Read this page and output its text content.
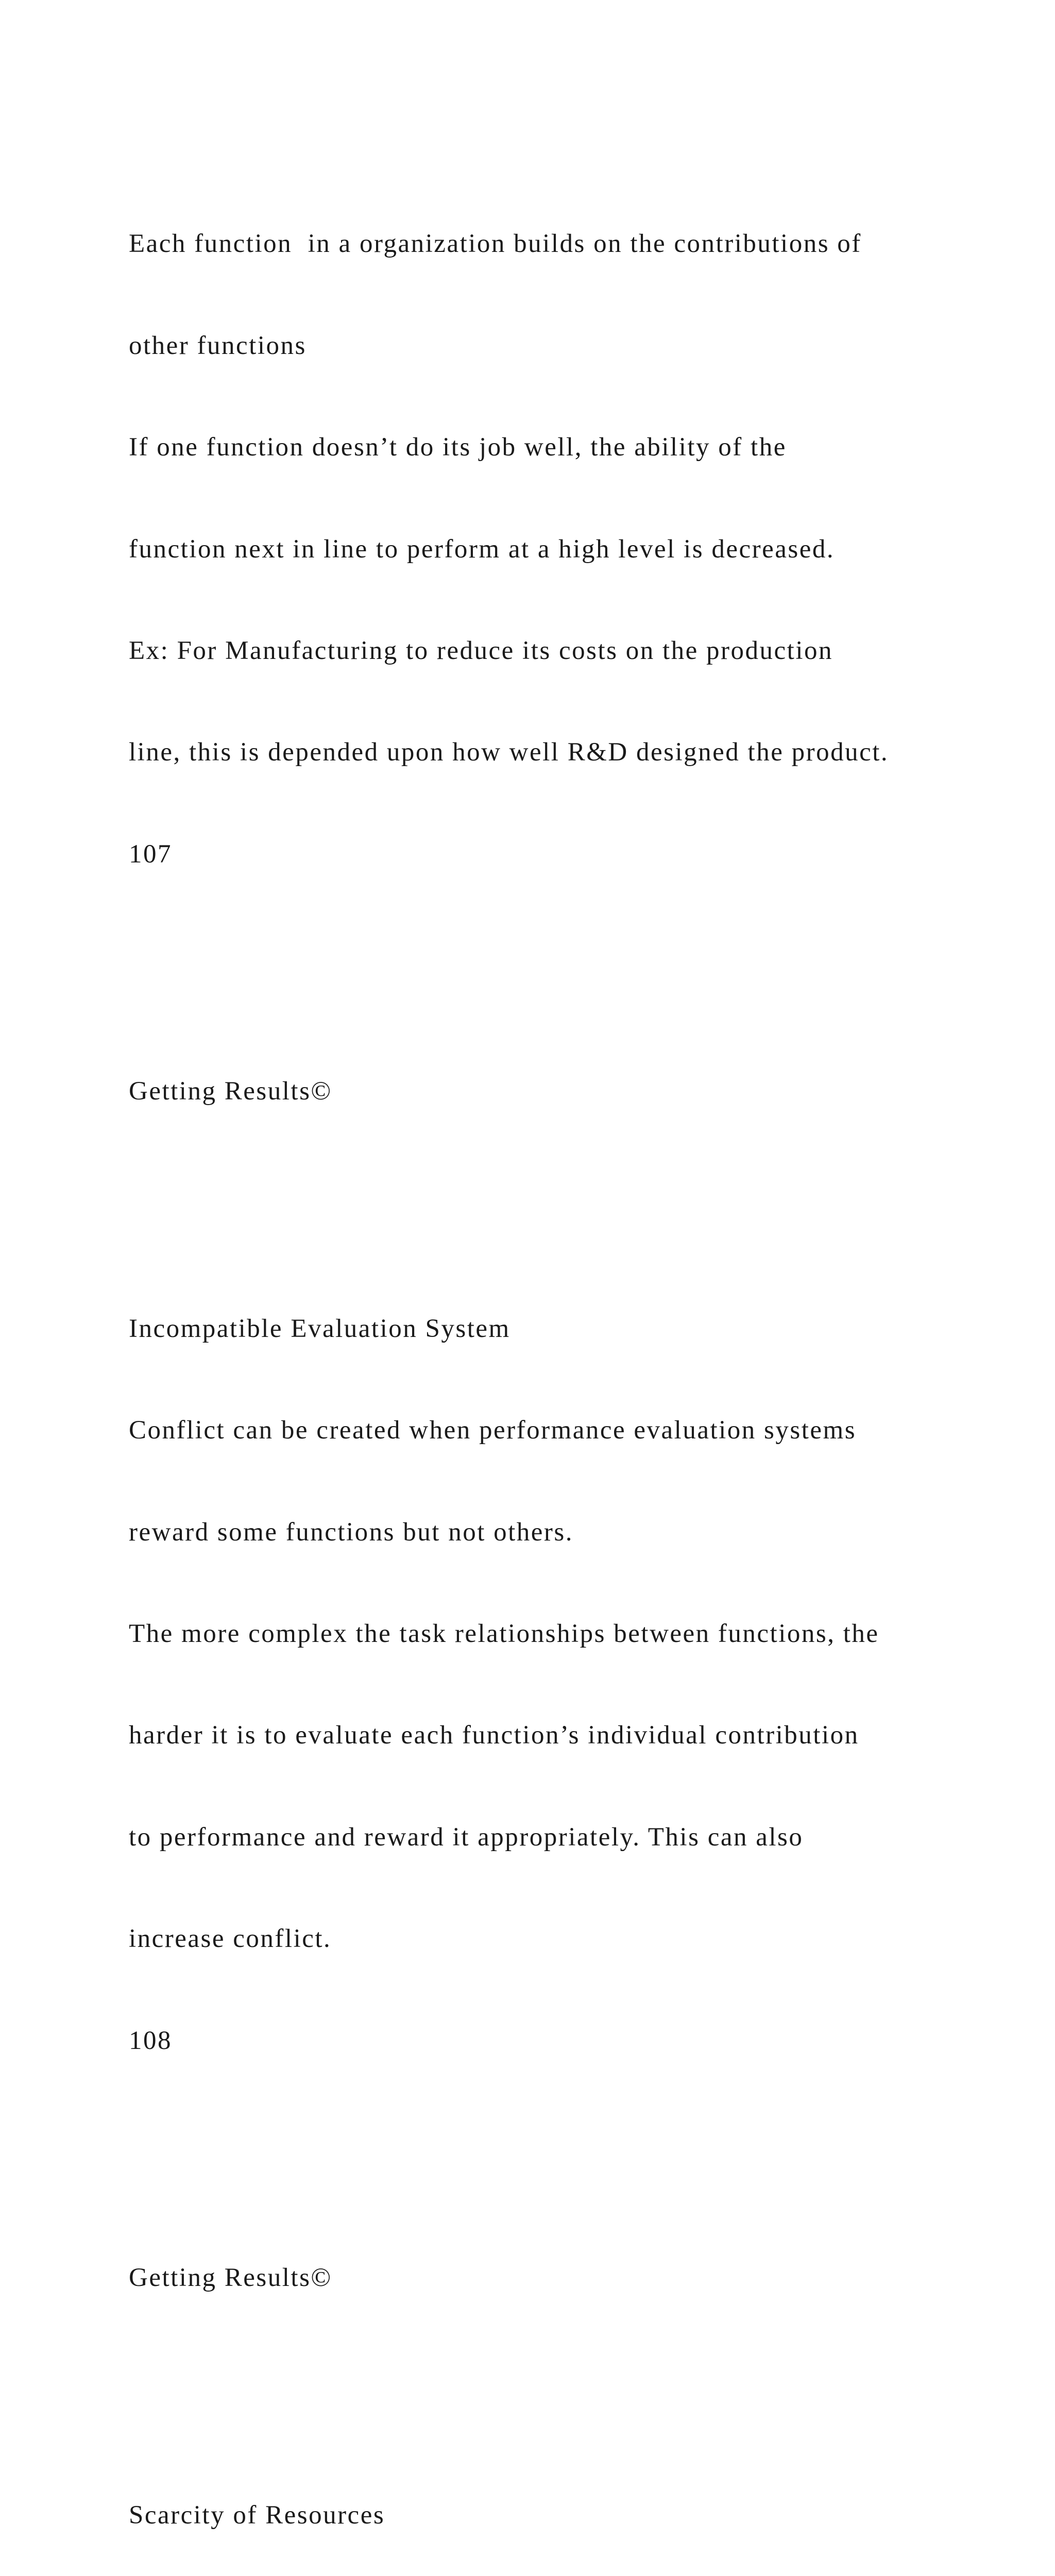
Each function  in a organization builds on the contributions of

other functions

If one function doesn’t do its job well, the ability of the

function next in line to perform at a high level is decreased.

Ex: For Manufacturing to reduce its costs on the production

line, this is depended upon how well R&D designed the product.

107

Getting Results©

Incompatible Evaluation System

Conflict can be created when performance evaluation systems

reward some functions but not others.

The more complex the task relationships between functions, the

harder it is to evaluate each function’s individual contribution

to performance and reward it appropriately. This can also

increase conflict.

108

Getting Results©

Scarcity of Resources
